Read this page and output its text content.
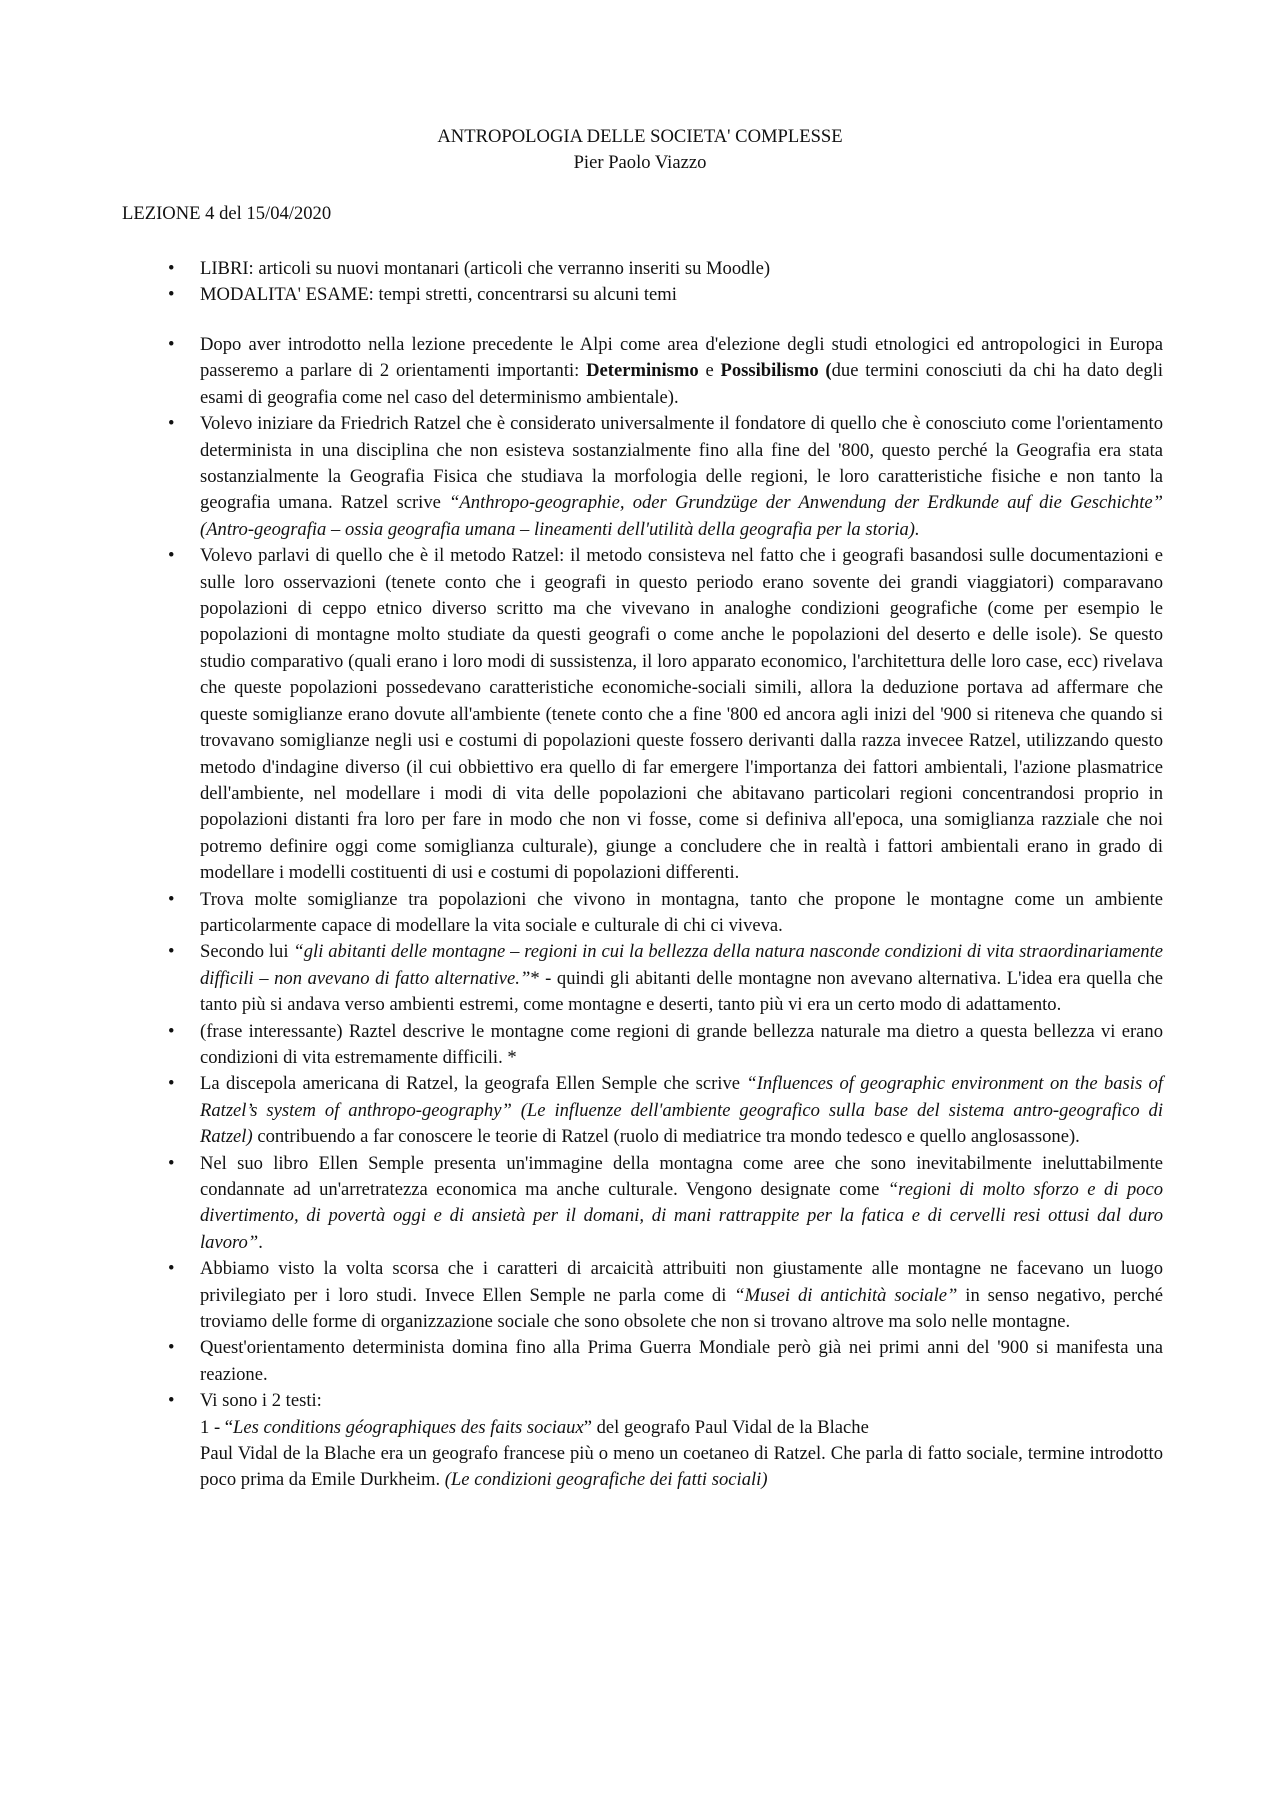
ANTROPOLOGIA DELLE SOCIETA' COMPLESSE
Pier Paolo Viazzo
LEZIONE 4 del 15/04/2020
• LIBRI: articoli su nuovi montanari (articoli che verranno inseriti su Moodle)
• MODALITA' ESAME: tempi stretti, concentrarsi su alcuni temi
• Dopo aver introdotto nella lezione precedente le Alpi come area d'elezione degli studi etnologici ed antropologici in Europa passeremo a parlare di 2 orientamenti importanti: Determinismo e Possibilismo (due termini conosciuti da chi ha dato degli esami di geografia come nel caso del determinismo ambientale).
• Volevo iniziare da Friedrich Ratzel che è considerato universalmente il fondatore di quello che è conosciuto come l'orientamento determinista in una disciplina che non esisteva sostanzialmente fino alla fine del '800, questo perché la Geografia era stata sostanzialmente la Geografia Fisica che studiava la morfologia delle regioni, le loro caratteristiche fisiche e non tanto la geografia umana. Ratzel scrive “Anthropo-geographie, oder Grundzüge der Anwendung der Erdkunde auf die Geschichte” (Antro-geografia – ossia geografia umana – lineamenti dell'utilità della geografia per la storia).
• Volevo parlavi di quello che è il metodo Ratzel: il metodo consisteva nel fatto che i geografi basandosi sulle documentazioni e sulle loro osservazioni (tenete conto che i geografi in questo periodo erano sovente dei grandi viaggiatori) comparavano popolazioni di ceppo etnico diverso scritto ma che vivevano in analoghe condizioni geografiche (come per esempio le popolazioni di montagne molto studiate da questi geografi o come anche le popolazioni del deserto e delle isole). Se questo studio comparativo (quali erano i loro modi di sussistenza, il loro apparato economico, l'architettura delle loro case, ecc) rivelava che queste popolazioni possedevano caratteristiche economiche-sociali simili, allora la deduzione portava ad affermare che queste somiglianze erano dovute all'ambiente (tenete conto che a fine '800 ed ancora agli inizi del '900 si riteneva che quando si trovavano somiglianze negli usi e costumi di popolazioni queste fossero derivanti dalla razza invecee Ratzel, utilizzando questo metodo d'indagine diverso (il cui obbiettivo era quello di far emergere l'importanza dei fattori ambientali, l'azione plasmatrice dell'ambiente, nel modellare i modi di vita delle popolazioni che abitavano particolari regioni concentrandosi proprio in popolazioni distanti fra loro per fare in modo che non vi fosse, come si definiva all'epoca, una somiglianza razziale che noi potremo definire oggi come somiglianza culturale), giunge a concludere che in realtà i fattori ambientali erano in grado di modellare i modelli costituenti di usi e costumi di popolazioni differenti.
• Trova molte somiglianze tra popolazioni che vivono in montagna, tanto che propone le montagne come un ambiente particolarmente capace di modellare la vita sociale e culturale di chi ci viveva.
• Secondo lui “gli abitanti delle montagne – regioni in cui la bellezza della natura nasconde condizioni di vita straordinariamente difficili – non avevano di fatto alternative.”* - quindi gli abitanti delle montagne non avevano alternativa. L'idea era quella che tanto più si andava verso ambienti estremi, come montagne e deserti, tanto più vi era un certo modo di adattamento.
• (frase interessante) Raztel descrive le montagne come regioni di grande bellezza naturale ma dietro a questa bellezza vi erano condizioni di vita estremamente difficili. *
• La discepola americana di Ratzel, la geografa Ellen Semple che scrive “Influences of geographic environment on the basis of Ratzel’s system of anthropo-geography” (Le influenze dell'ambiente geografico sulla base del sistema antro-geografico di Ratzel) contribuendo a far conoscere le teorie di Ratzel (ruolo di mediatrice tra mondo tedesco e quello anglosassone).
• Nel suo libro Ellen Semple presenta un'immagine della montagna come aree che sono inevitabilmente ineluttabilmente condannate ad un'arretratezza economica ma anche culturale. Vengono designate come “regioni di molto sforzo e di poco divertimento, di povertà oggi e di ansietà per il domani, di mani rattrappite per la fatica e di cervelli resi ottusi dal duro lavoro”.
• Abbiamo visto la volta scorsa che i caratteri di arcaicità attribuiti non giustamente alle montagne ne facevano un luogo privilegiato per i loro studi. Invece Ellen Semple ne parla come di “Musei di antichità sociale” in senso negativo, perché troviamo delle forme di organizzazione sociale che sono obsolete che non si trovano altrove ma solo nelle montagne.
• Quest'orientamento determinista domina fino alla Prima Guerra Mondiale però già nei primi anni del '900 si manifesta una reazione.
• Vi sono i 2 testi:
1 - “Les conditions géographiques des faits sociaux” del geografo Paul Vidal de la Blache
Paul Vidal de la Blache era un geografo francese più o meno un coetaneo di Ratzel. Che parla di fatto sociale, termine introdotto poco prima da Emile Durkheim. (Le condizioni geografiche dei fatti sociali)
